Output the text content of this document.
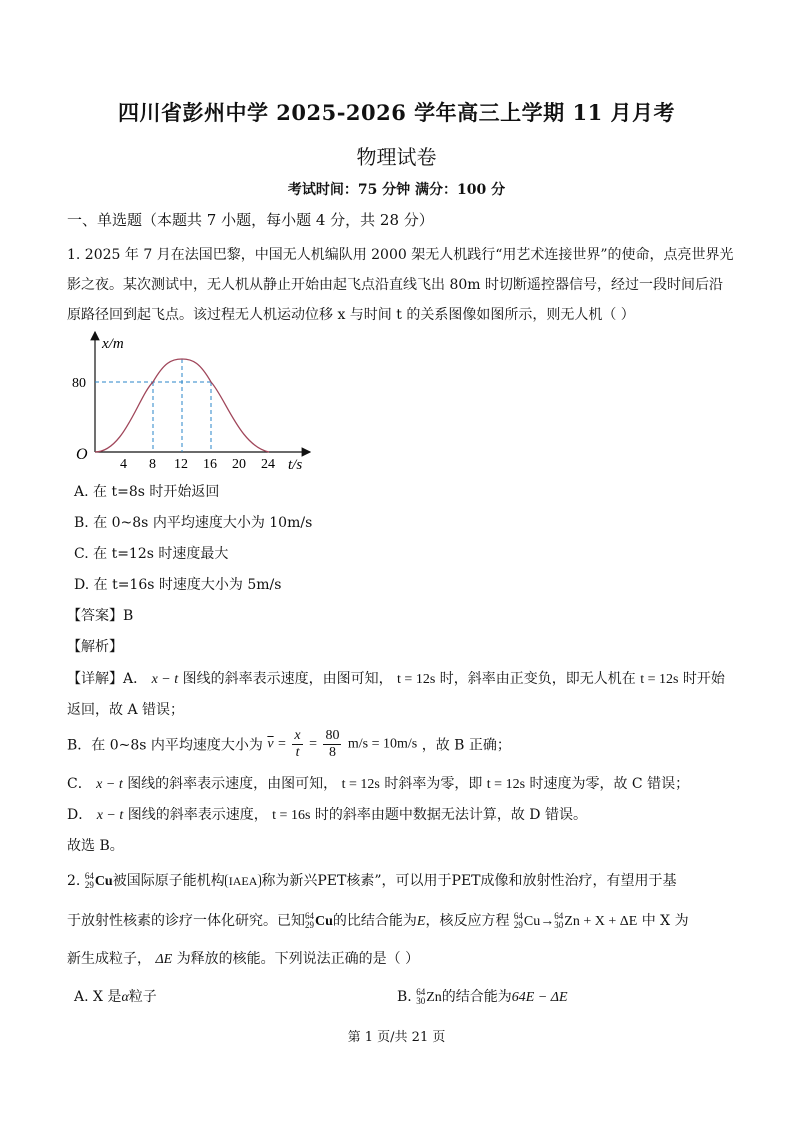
四川省彭州中学 2025-2026 学年高三上学期 11 月月考
物理试卷
考试时间：75 分钟 满分：100 分
一、单选题（本题共 7 小题，每小题 4 分，共 28 分）
1. 2025 年 7 月在法国巴黎，中国无人机编队用 2000 架无人机践行“用艺术连接世界”的使命，点亮世界光
影之夜。某次测试中，无人机从静止开始由起飞点沿直线飞出 80m 时切断遥控器信号，经过一段时间后沿
原路径回到起飞点。该过程无人机运动位移 x 与时间 t 的关系图像如图所示，则无人机（ ）
x/m
t/s
O
80
4 8 12 16 20 24
A. 在 t=8s 时开始返回
B. 在 0~8s 内平均速度大小为 10m/s
C. 在 t=12s 时速度最大
D. 在 t=16s 时速度大小为 5m/s
【答案】B
【解析】
【详解】A． x − t 图线的斜率表示速度，由图可知， t = 12s 时，斜率由正变负，即无人机在 t = 12s 时开始
返回，故 A 错误；
B．在 0~8s 内平均速度大小为 $\overline{v} = \frac{x}{t} = \frac{80}{8} m/s = 10m/s$ ，故 B 正确；
C． x − t 图线的斜率表示速度，由图可知， t = 12s 时斜率为零，即 t = 12s 时速度为零，故 C 错误；
D． x − t 图线的斜率表示速度， t = 16s 时的斜率由题中数据无法计算，故 D 错误。
故选 B。
2. 64
29 Cu被国际原子能机构 IAEA 称为新兴PET核素”，可以用于PET成像和放射性治疗，有望用于基
于放射性核素的诊疗一体化研究。已知 64
29 Cu的比结合能为E，核反应方程 64
29 Cu→ 64
30 Zn + X + ΔE 中 X 为
新生成粒子， ΔE 为释放的核能。下列说法正确的是（ ）
A. X 是α粒子	B. 64
30 Zn的结合能为64E − ΔE
第 1 页/共 21 页
